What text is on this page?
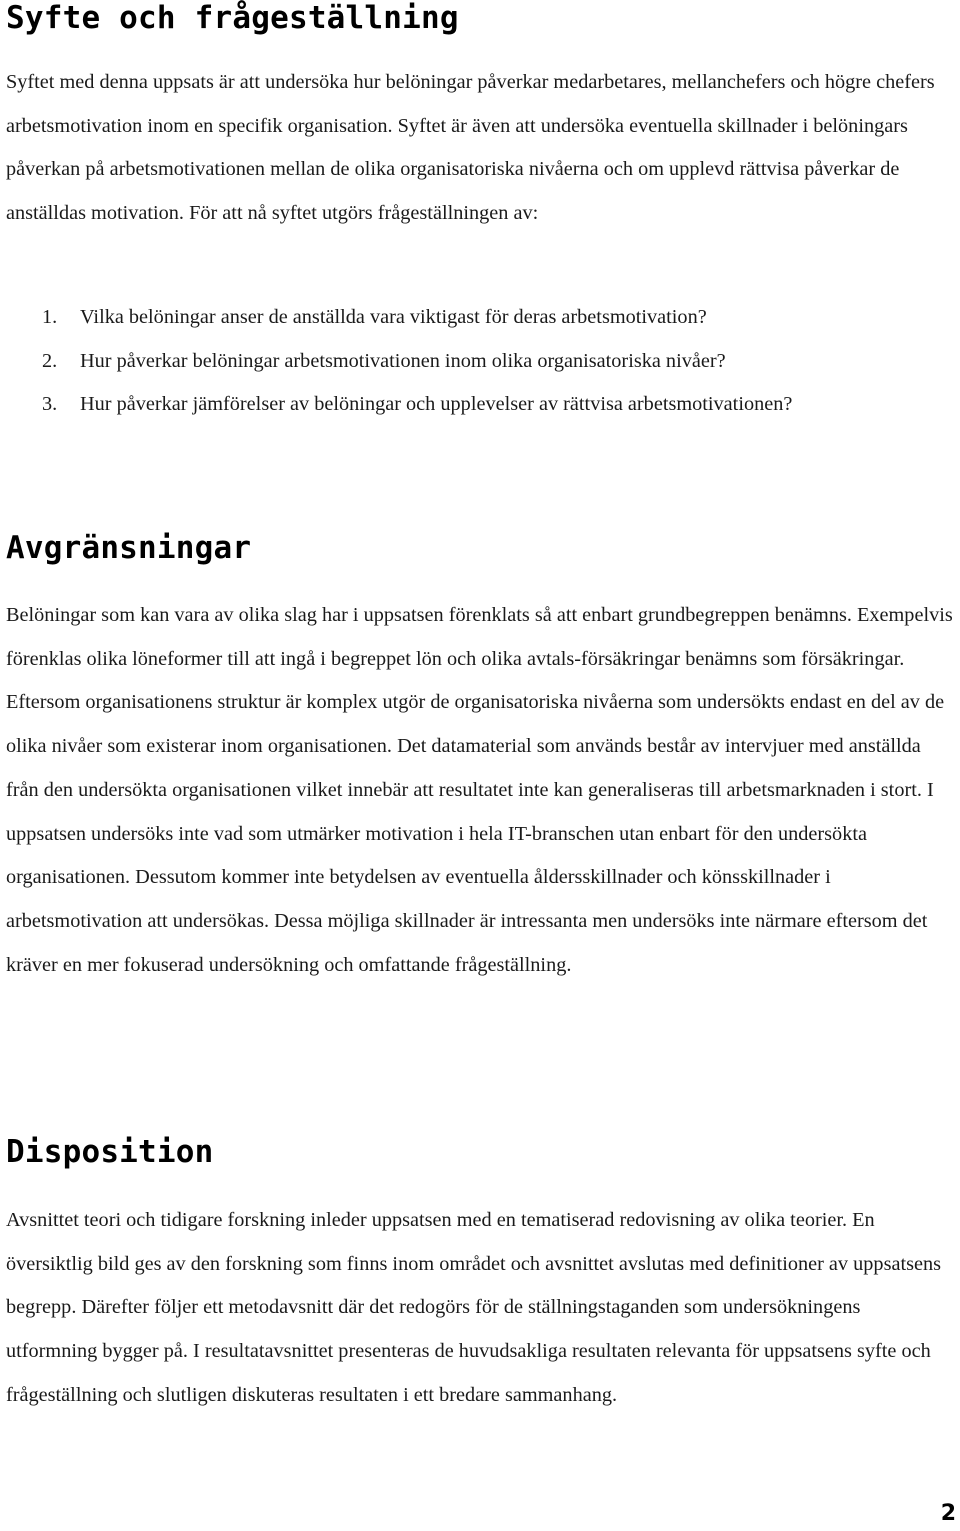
Syfte och frågeställning

Syftet med denna uppsats är att undersöka hur belöningar påverkar medarbetares, mellanchefers och högre chefers arbetsmotivation inom en specifik organisation. Syftet är även att undersöka eventuella skillnader i belöningars påverkan på arbetsmotivationen mellan de olika organisatoriska nivåerna och om upplevd rättvisa påverkar de anställdas motivation. För att nå syftet utgörs frågeställningen av:

1. Vilka belöningar anser de anställda vara viktigast för deras arbetsmotivation?
2. Hur påverkar belöningar arbetsmotivationen inom olika organisatoriska nivåer?
3. Hur påverkar jämförelser av belöningar och upplevelser av rättvisa arbetsmotivationen?
Avgränsningar

Belöningar som kan vara av olika slag har i uppsatsen förenklats så att enbart grundbegreppen benämns. Exempelvis förenklas olika löneformer till att ingå i begreppet lön och olika avtals-försäkringar benämns som försäkringar. Eftersom organisationens struktur är komplex utgör de organisatoriska nivåerna som undersökts endast en del av de olika nivåer som existerar inom organisationen. Det datamaterial som används består av intervjuer med anställda från den undersökta organisationen vilket innebär att resultatet inte kan generaliseras till arbetsmarknaden i stort. I uppsatsen undersöks inte vad som utmärker motivation i hela IT-branschen utan enbart för den undersökta organisationen. Dessutom kommer inte betydelsen av eventuella åldersskillnader och könsskillnader i arbetsmotivation att undersökas. Dessa möjliga skillnader är intressanta men undersöks inte närmare eftersom det kräver en mer fokuserad undersökning och omfattande frågeställning.

Disposition

Avsnittet teori och tidigare forskning inleder uppsatsen med en tematiserad redovisning av olika teorier. En översiktlig bild ges av den forskning som finns inom området och avsnittet avslutas med definitioner av uppsatsens begrepp. Därefter följer ett metodavsnitt där det redogörs för de ställningstaganden som undersökningens utformning bygger på. I resultatavsnittet presenteras de huvudsakliga resultaten relevanta för uppsatsens syfte och frågeställning och slutligen diskuteras resultaten i ett bredare sammanhang.

2
